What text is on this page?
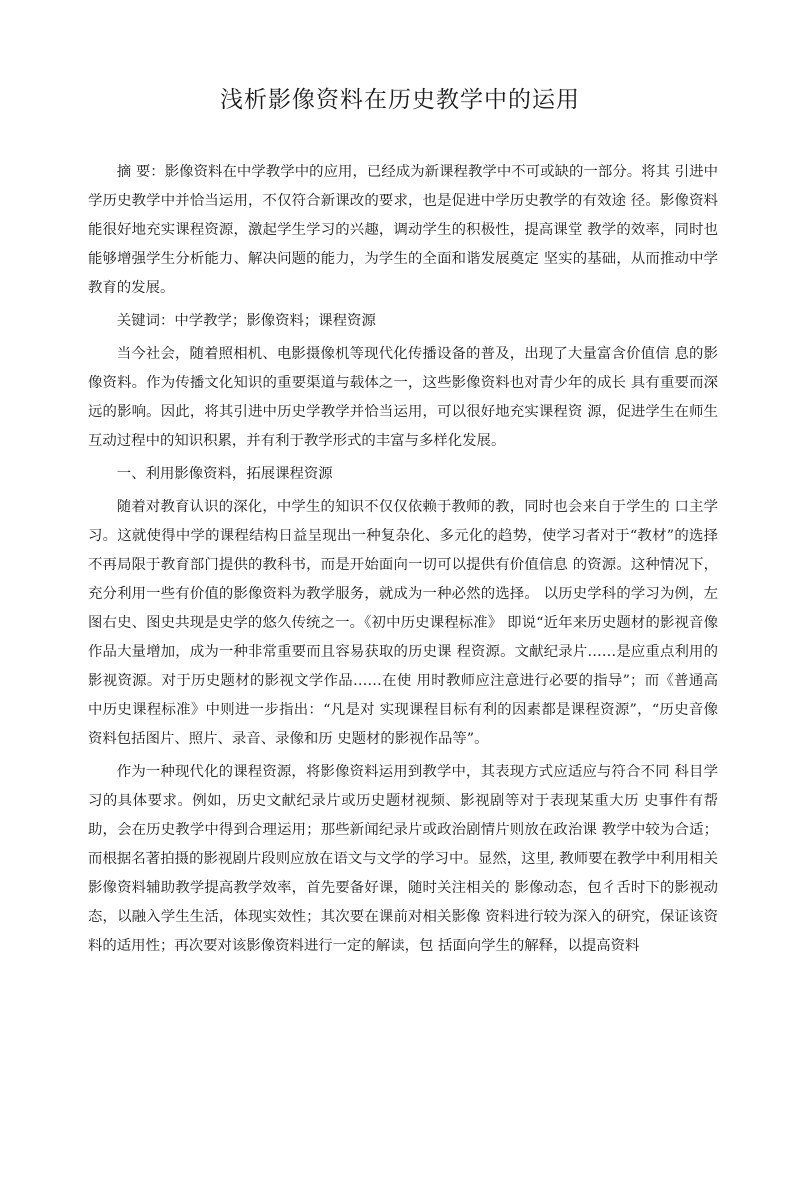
浅析影像资料在历史教学中的运用

摘 要：影像资料在中学教学中的应用，已经成为新课程教学中不可或缺的一部分。将其 引进中学历史教学中并恰当运用，不仅符合新课改的要求，也是促进中学历史教学的有效途 径。影像资料能很好地充实课程资源，激起学生学习的兴趣，调动学生的积极性，提高课堂 教学的效率，同时也能够增强学生分析能力、解决问题的能力，为学生的全面和谐发展奠定 坚实的基础，从而推动中学教育的发展。

关键词：中学教学；影像资料；课程资源

当今社会，随着照相机、电影摄像机等现代化传播设备的普及，出现了大量富含价值信 息的影像资料。作为传播文化知识的重要渠道与载体之一，这些影像资料也对青少年的成长 具有重要而深远的影响。因此，将其引进中历史学教学并恰当运用，可以很好地充实课程资 源，促进学生在师生互动过程中的知识积累，并有利于教学形式的丰富与多样化发展。

一、利用影像资料，拓展课程资源

随着对教育认识的深化，中学生的知识不仅仅依赖于教师的教，同时也会来自于学生的 口主学习。这就使得中学的课程结构日益呈现出一种复杂化、多元化的趋势，使学习者对于“教材”的选择不再局限于教育部门提供的教科书，而是开始面向一切可以提供有价值信息 的资源。这种情况下，充分利用一些有价值的影像资料为教学服务，就成为一种必然的选择。 以历史学科的学习为例，左图右史、图史共现是史学的悠久传统之一。《初中历史课程标准》 即说“近年来历史题材的影视音像作品大量增加，成为一种非常重要而且容易获取的历史课 程资源。文献纪录片……是应重点利用的影视资源。对于历史题材的影视文学作品……在使 用时教师应注意进行必要的指导”；而《普通高中历史课程标准》中则进一步指出：“凡是对 实现课程目标有利的因素都是课程资源”，“历史音像资料包括图片、照片、录音、录像和历 史题材的影视作品等”。

作为一种现代化的课程资源，将影像资料运用到教学中，其表现方式应适应与符合不同 科目学习的具体要求。例如，历史文献纪录片或历史题材视频、影视剧等对于表现某重大历 史事件有帮助，会在历史教学中得到合理运用；那些新闻纪录片或政治剧情片则放在政治课 教学中较为合适；而根据名著拍摄的影视剧片段则应放在语文与文学的学习中。显然，这里, 教师要在教学中利用相关影像资料辅助教学提高教学效率，首先要备好课，随时关注相关的 影像动态，包彳舌时下的影视动态，以融入学生生活，体现实效性；其次要在课前对相关影像 资料进行较为深入的研究，保证该资料的适用性；再次要对该影像资料进行一定的解读，包 括面向学生的解释，以提高资料
